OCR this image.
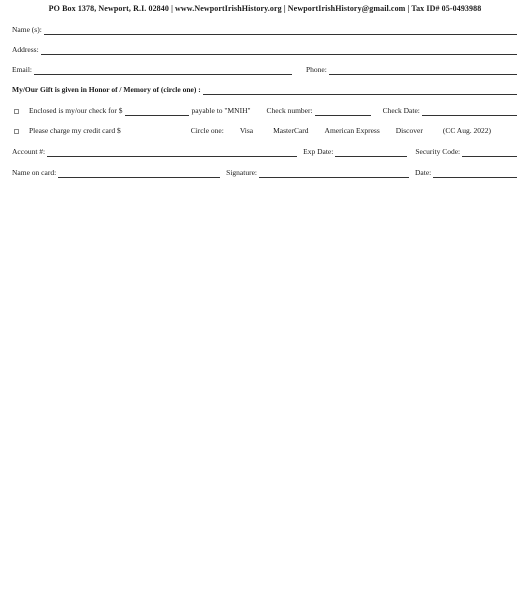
PO Box 1378, Newport, R.I. 02840 | www.NewportIrishHistory.org | NewportIrishHistory@gmail.com | Tax ID# 05-0493988
Name (s):
Address:
Email:	Phone:
My/Our Gift is given in Honor of / Memory of (circle one) :
Enclosed is my/our check for $	payable to "MNIH" Check number:	Check Date:
Please charge my credit card $	Circle one: Visa	MasterCard American Express Discover	(CC Aug. 2022)
Account #:	Exp Date:	Security Code:
Name on card:	Signature:	Date:
